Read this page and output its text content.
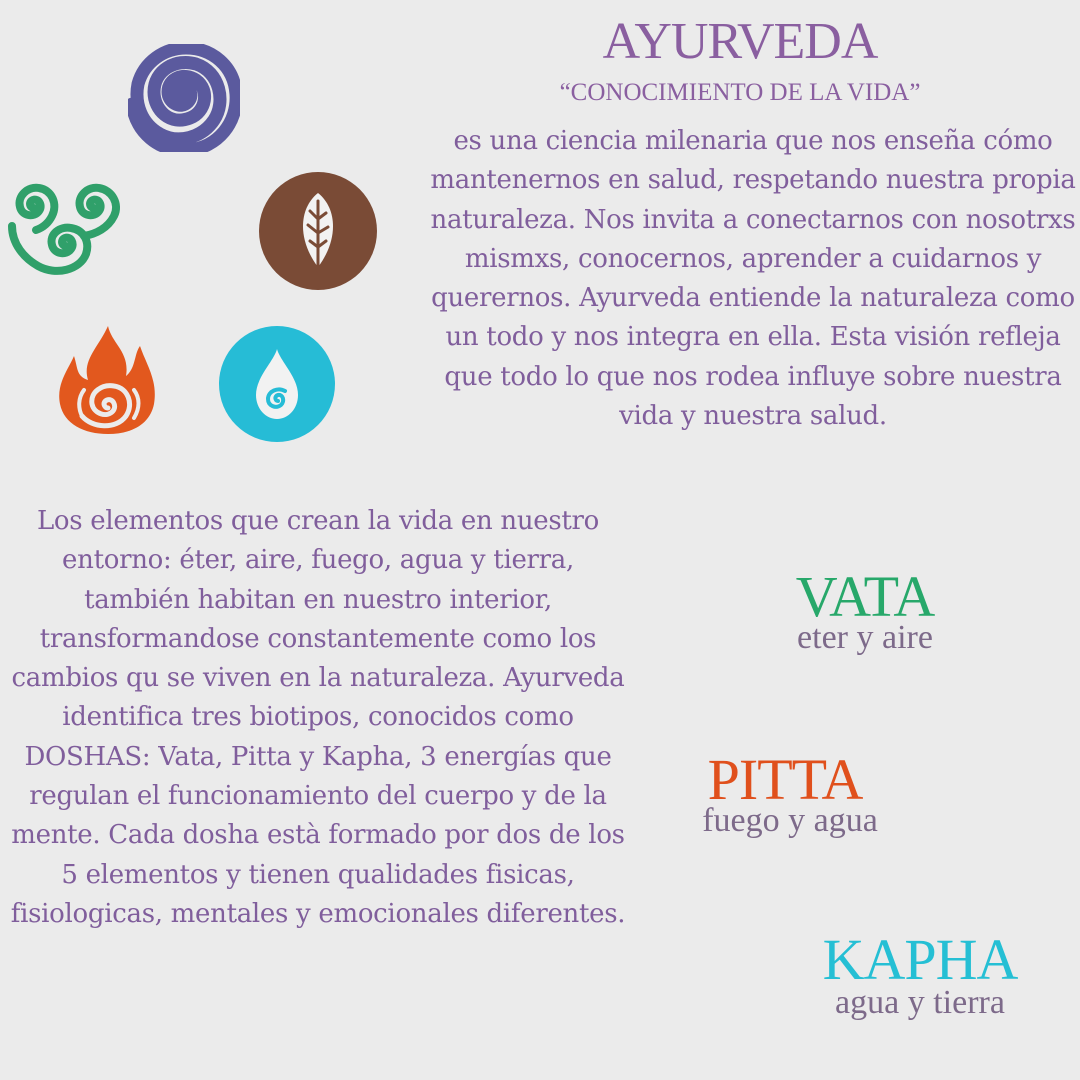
AYURVEDA
“CONOCIMIENTO DE LA VIDA”
es una ciencia milenaria que nos enseña cómo mantenernos en salud, respetando nuestra propia naturaleza. Nos invita a conectarnos con nosotrxs mismxs, conocernos, aprender a cuidarnos y querernos. Ayurveda entiende la naturaleza como un todo y nos integra en ella. Esta visión refleja que todo lo que nos rodea influye sobre nuestra vida y nuestra salud.
Los elementos que crean la vida en nuestro entorno: éter, aire, fuego, agua y tierra, también habitan en nuestro interior, transformandose constantemente como los cambios qu se viven en la naturaleza. Ayurveda identifica tres biotipos, conocidos como DOSHAS: Vata, Pitta y Kapha, 3 energías que regulan el funcionamiento del cuerpo y de la mente. Cada dosha està formado por dos de los 5 elementos y tienen qualidades fisicas, fisiologicas, mentales y emocionales diferentes.
VATA
eter y aire
PITTA
fuego y agua
KAPHA
agua y tierra
